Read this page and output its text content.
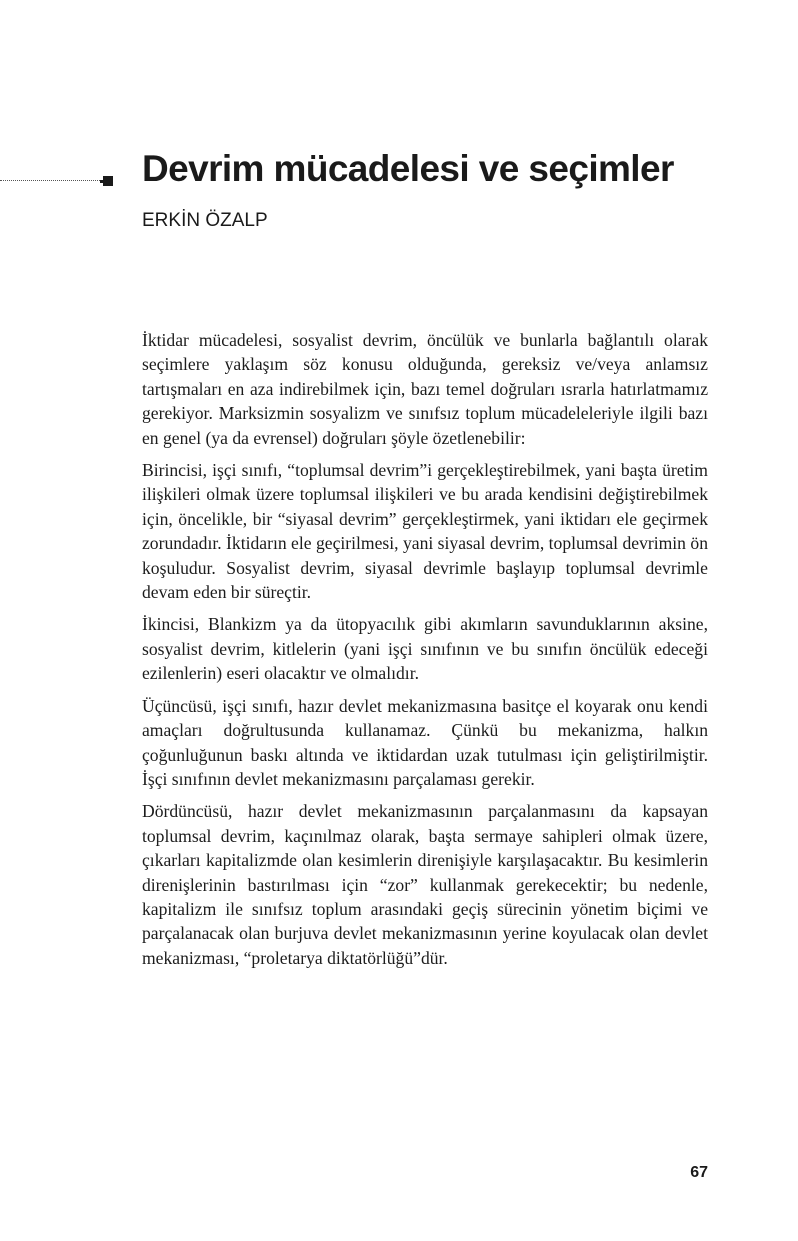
Devrim mücadelesi ve seçimler
ERKİN ÖZALP

İktidar mücadelesi, sosyalist devrim, öncülük ve bunlarla bağlantılı olarak seçimlere yaklaşım söz konusu olduğunda, gereksiz ve/veya anlamsız tartışmaları en aza indirebilmek için, bazı temel doğruları ısrarla hatırlatmamız gerekiyor. Marksizmin sosyalizm ve sınıfsız toplum mücadeleleriyle ilgili bazı en genel (ya da evrensel) doğruları şöyle özetlenebilir:

Birincisi, işçi sınıfı, “toplumsal devrim”i gerçekleştirebilmek, yani başta üretim ilişkileri olmak üzere toplumsal ilişkileri ve bu arada kendisini değiştirebilmek için, öncelikle, bir “siyasal devrim” gerçekleştirmek, yani iktidarı ele geçirmek zorundadır. İktidarın ele geçirilmesi, yani siyasal devrim, toplumsal devrimin ön koşuludur. Sosyalist devrim, siyasal devrimle başlayıp toplumsal devrimle devam eden bir süreçtir.

İkincisi, Blankizm ya da ütopyacılık gibi akımların savunduklarının aksine, sosyalist devrim, kitlelerin (yani işçi sınıfının ve bu sınıfın öncülük edeceği ezilenlerin) eseri olacaktır ve olmalıdır.

Üçüncüsü, işçi sınıfı, hazır devlet mekanizmasına basitçe el koyarak onu kendi amaçları doğrultusunda kullanamaz. Çünkü bu mekanizma, halkın çoğunluğunun baskı altında ve iktidardan uzak tutulması için geliştirilmiştir. İşçi sınıfının devlet mekanizmasını parçalaması gerekir.

Dördüncüsü, hazır devlet mekanizmasının parçalanmasını da kapsayan toplumsal devrim, kaçınılmaz olarak, başta sermaye sahipleri olmak üzere, çıkarları kapitalizmde olan kesimlerin direnişiyle karşılaşacaktır. Bu kesimlerin direnişlerinin bastırılması için “zor” kullanmak gerekecektir; bu nedenle, kapitalizm ile sınıfsız toplum arasındaki geçiş sürecinin yönetim biçimi ve parçalanacak olan burjuva devlet mekanizmasının yerine koyulacak olan devlet mekanizması, “proletarya diktatörlüğü”dür.

67
